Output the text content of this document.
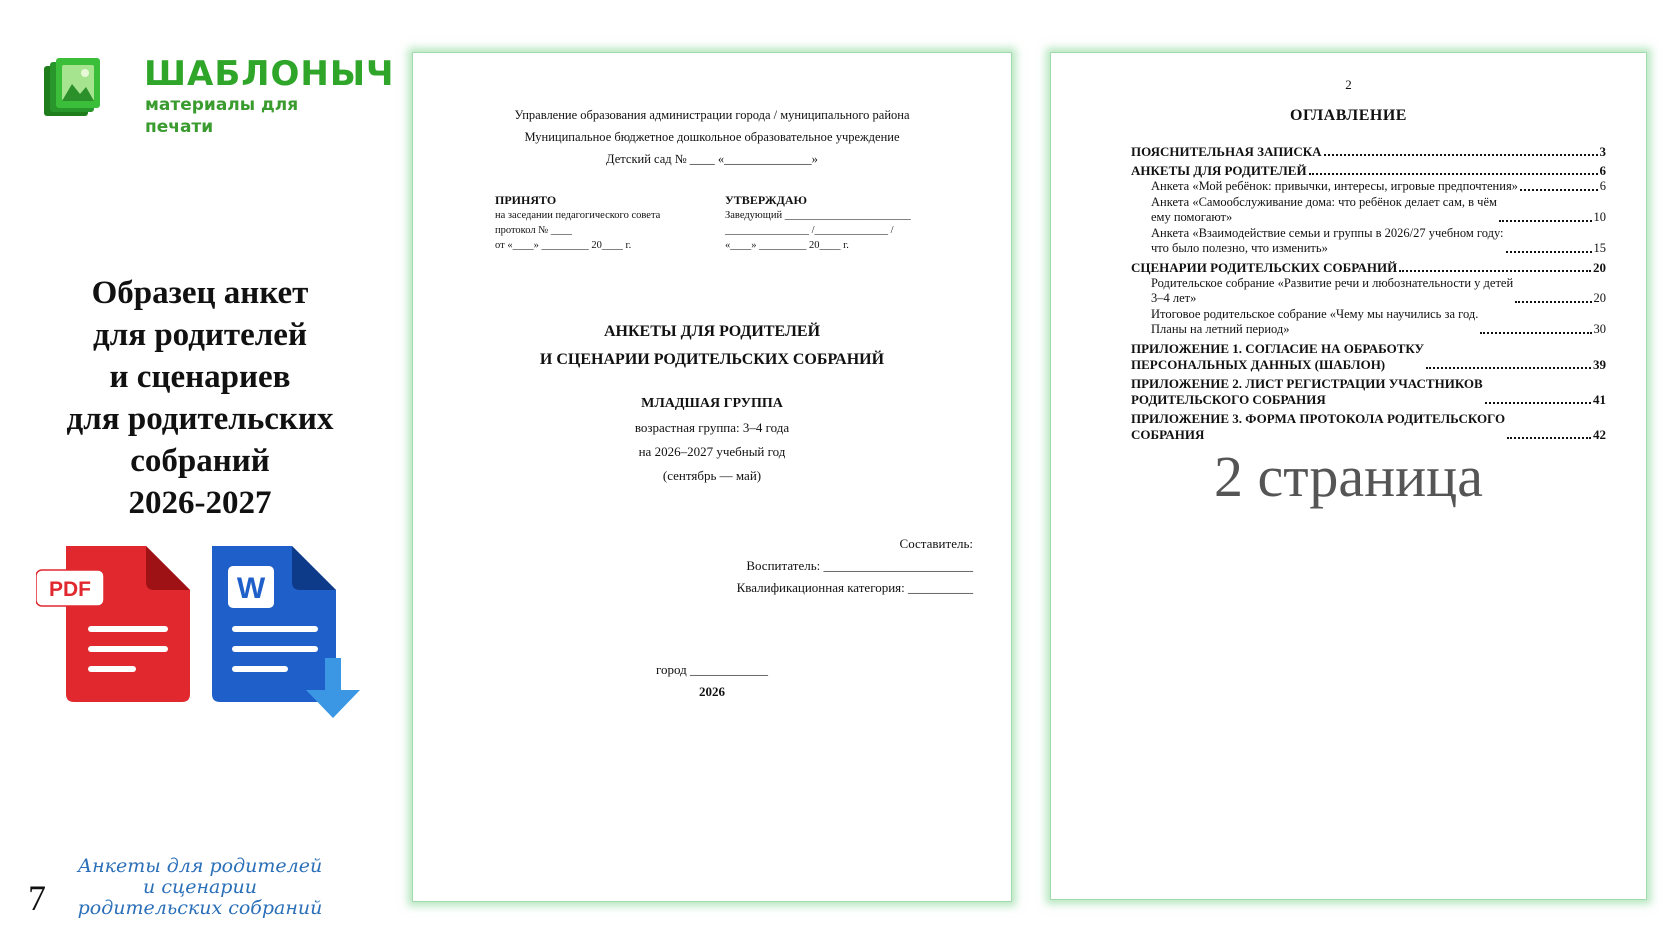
ШАБЛОНЫЧ
материалы для печати
Образец анкет
для родителей
и сценариев
для родительских
собраний
2026-2027
PDF	W
7
Анкеты для родителей
и сценарии
родительских собраний
Управление образования администрации города / муниципального района
Муниципальное бюджетное дошкольное образовательное учреждение
Детский сад № ____ «______________»
ПРИНЯТО
на заседании педагогического совета
протокол № ____
от «____» _________ 20____ г.
УТВЕРЖДАЮ
Заведующий ________________________
________________ /______________ /
«____» _________ 20____ г.
АНКЕТЫ ДЛЯ РОДИТЕЛЕЙ
И СЦЕНАРИИ РОДИТЕЛЬСКИХ СОБРАНИЙ
МЛАДШАЯ ГРУППА
возрастная группа: 3–4 года
на 2026–2027 учебный год
(сентябрь — май)
Составитель:
Воспитатель: _______________________
Квалификационная категория: __________
город ____________
2026
2
ОГЛАВЛЕНИЕ
ПОЯСНИТЕЛЬНАЯ ЗАПИСКА	3
АНКЕТЫ ДЛЯ РОДИТЕЛЕЙ	6
Анкета «Мой ребёнок: привычки, интересы, игровые предпочтения»	6
Анкета «Самообслуживание дома: что ребёнок делает сам, в чём
ему помогают»	10
Анкета «Взаимодействие семьи и группы в 2026/27 учебном году:
что было полезно, что изменить»	15
СЦЕНАРИИ РОДИТЕЛЬСКИХ СОБРАНИЙ	20
Родительское собрание «Развитие речи и любознательности у детей
3–4 лет»	20
Итоговое родительское собрание «Чему мы научились за год.
Планы на летний период»	30
ПРИЛОЖЕНИЕ 1. СОГЛАСИЕ НА ОБРАБОТКУ
ПЕРСОНАЛЬНЫХ ДАННЫХ (ШАБЛОН)	39
ПРИЛОЖЕНИЕ 2. ЛИСТ РЕГИСТРАЦИИ УЧАСТНИКОВ
РОДИТЕЛЬСКОГО СОБРАНИЯ	41
ПРИЛОЖЕНИЕ 3. ФОРМА ПРОТОКОЛА РОДИТЕЛЬСКОГО
СОБРАНИЯ	42
2 страница
